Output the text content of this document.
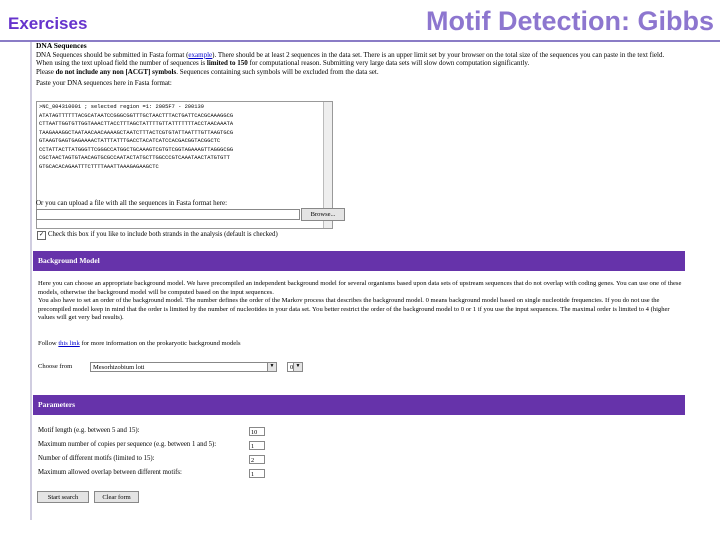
Exercises	Motif Detection: Gibbs

DNA Sequences

DNA Sequences should be submitted in Fasta format (example). There should be at least 2 sequences in the data set. There is an upper limit set by your browser on the total size of the sequences you can paste in the text field. When using the text upload field the number of sequences is limited to 150 for computational reason. Submitting very large data sets will slow down computation significantly.

Please do not include any non [ACGT] symbols. Sequences containing such symbols will be excluded from the data set.

Paste your DNA sequences here in Fasta format:

>NC_004310001 ; selected region =1: 2005F7 - 200139
ATATAGTTTTTTACGCATAATCCGGGCGGTTTGCTAACTTTACTGATTCACGCAAAGGCG
CTTAATTGGTGTTGGTAAACTTACCTTTAGCTATTTTGTTATTTTTTTACCTAACAAATA
TAAGAAAGGCTAATAACAACAAAAGCTAATCTTTACTCGTGTATTAATTTGTTAAGTGCG
GTAAGTGAGTGAGAAAACTATTTATTTGACCTACATCATCCACGACGGTACGGCTC
CCTATTACTTATGGGTTCGGGCCATGGCTGCAAAGTCGTGTCGGTAGAAAGTTAGGGCGG
CGCTAACTAGTGTAACAGTGCGCCAATACTATGCTTGGCCCGTCAAATAACTATGTGTT
GTGCACACAGAATTTCTTTTAAATTAAAGAGAAGCTC

Or you can upload a file with all the sequences in Fasta format here:

Browse...
✓ Check this box if you like to include both strands in the analysis (default is checked)
Background Model

Here you can choose an appropriate background model. We have precompiled an independent background model for several organisms based upon data sets of upstream sequences that do not overlap with coding genes. You can use one of these models, otherwise the background model will be computed based on the input sequences.

You also have to set an order of the background model. The number defines the order of the Markov process that describes the background model. 0 means background model based on single nucleotide frequencies. If you do not use the precompiled model keep in mind that the order is limited by the number of nucleotides in your data set. You better restrict the order of the background model to 0 or 1 if you use the input sequences. The maximal order is limited to 4 (higher values will get very bad results).

Follow this link for more information on the prokaryotic background models

Choose from	Mesorhizobium loti	▼	0 ▼
Parameters
Motif length (e.g. between 5 and 15):	10
Maximum number of copies per sequence (e.g. between 1 and 5):	1
Number of different motifs (limited to 15):	2
Maximum allowed overlap between different motifs:	1
Start search	Clear form
